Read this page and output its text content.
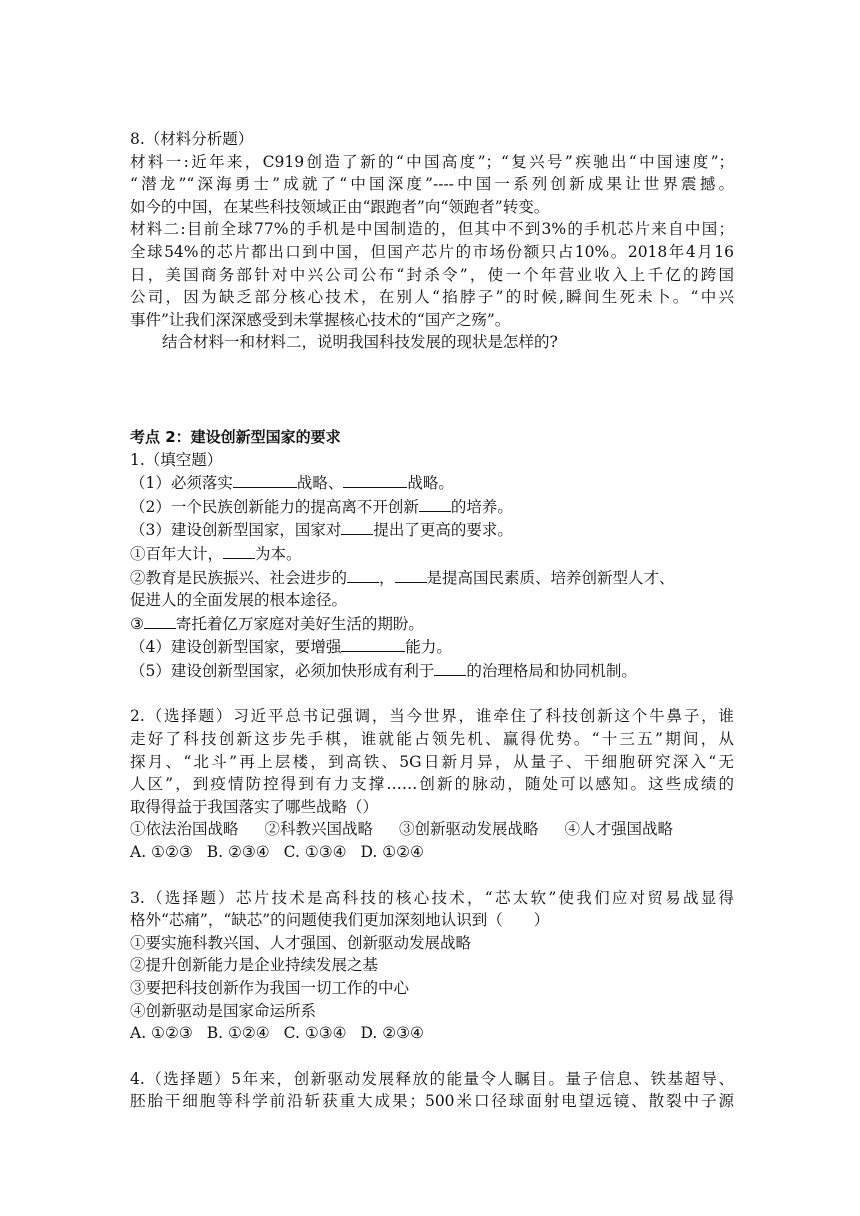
8.（材料分析题）

材料一:近年来，C919创造了新的“中国高度”；“复兴号”疾驰出“中国速度”；

“潜龙”“深海勇士”成就了“中国深度”----中国一系列创新成果让世界震撼。

如今的中国，在某些科技领域正由“跟跑者”向“领跑者”转变。

材料二:目前全球77%的手机是中国制造的，但其中不到3%的手机芯片来自中国；

全球54%的芯片都出口到中国，但国产芯片的市场份额只占10%。2018年4月16

日，美国商务部针对中兴公司公布“封杀令”，使一个年营业收入上千亿的跨国

公司，因为缺乏部分核心技术，在别人“掐脖子”的时候,瞬间生死未卜。“中兴

事件”让我们深深感受到未掌握核心技术的“国产之殇”。

结合材料一和材料二，说明我国科技发展的现状是怎样的?

考点 2：建设创新型国家的要求

1.（填空题）

（1）必须落实	战略、	战略。

（2）一个民族创新能力的提高离不开创新 的培养。

（3）建设创新型国家，国家对 提出了更高的要求。

①百年大计， 为本。

②教育是民族振兴、社会进步的 ， 是提高国民素质、培养创新型人才、

促进人的全面发展的根本途径。

③ 寄托着亿万家庭对美好生活的期盼。

（4）建设创新型国家，要增强	能力。

（5）建设创新型国家，必须加快形成有利于 的治理格局和协同机制。

2.（选择题）习近平总书记强调，当今世界，谁牵住了科技创新这个牛鼻子，谁

走好了科技创新这步先手棋，谁就能占领先机、赢得优势。“十三五”期间，从

探月、“北斗”再上层楼，到高铁、5G日新月异，从量子、干细胞研究深入“无

人区”，到疫情防控得到有力支撑……创新的脉动，随处可以感知。这些成绩的

取得得益于我国落实了哪些战略（）

①依法治国战略 ②科教兴国战略 ③创新驱动发展战略 ④人才强国战略

A. ①②③ B. ②③④ C. ①③④ D. ①②④

3.（选择题）芯片技术是高科技的核心技术，“芯太软”使我们应对贸易战显得

格外“芯痛”，“缺芯”的问题使我们更加深刻地认识到（　　）

①要实施科教兴国、人才强国、创新驱动发展战略

②提升创新能力是企业持续发展之基

③要把科技创新作为我国一切工作的中心

④创新驱动是国家命运所系

A. ①②③ B. ①②④ C. ①③④ D. ②③④

4.（选择题）5年来，创新驱动发展释放的能量令人瞩目。量子信息、铁基超导、

胚胎干细胞等科学前沿斩获重大成果；500米口径球面射电望远镜、散裂中子源
